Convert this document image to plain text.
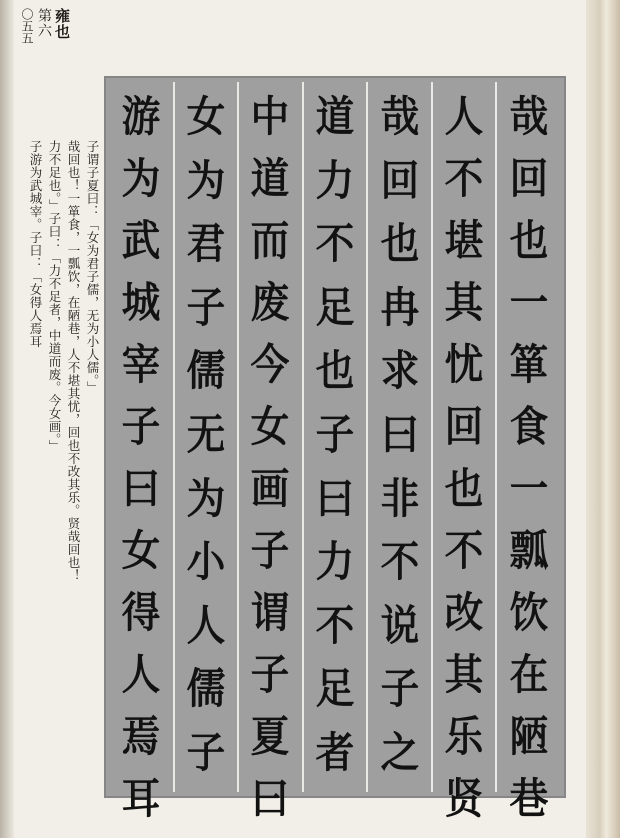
雍也
第六
〇五五
子谓子夏曰：「女为君子儒，无为小人儒。」
哉回也！一箪食，一瓢饮，在陋巷，人不堪其忧，回也不改其乐。贤哉回也！
力不足也。」子曰：「力不足者，中道而废。今女画。」
子游为武城宰。子曰：「女得人焉耳
哉
回
也
一
箪
食
一
瓢
饮
在
陋
巷
人
不
堪
其
忧
回
也
不
改
其
乐
贤
哉
回
也
冉
求
曰
非
不
说
子
之
道
力
不
足
也
子
曰
力
不
足
者
中
道
而
废
今
女
画
子
谓
子
夏
曰
女
为
君
子
儒
无
为
小
人
儒
子
游
为
武
城
宰
子
曰
女
得
人
焉
耳
